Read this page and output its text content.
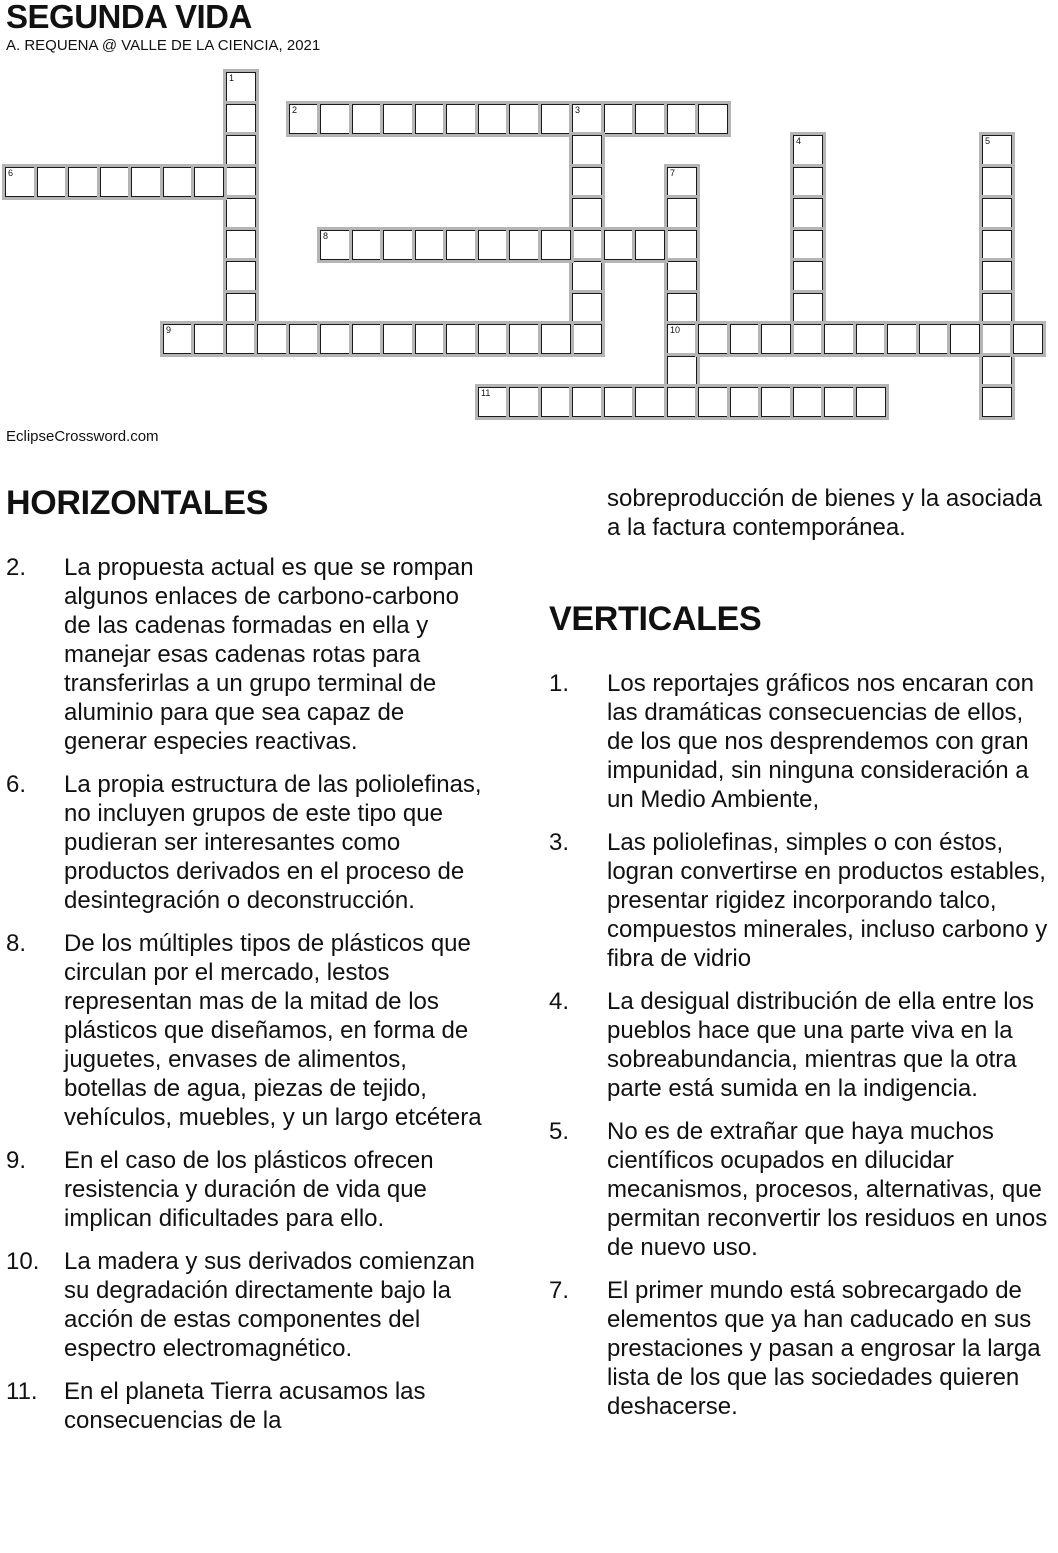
SEGUNDA VIDA
A. REQUENA @ VALLE DE LA CIENCIA, 2021
1
2	3
4	5
6	7
10
8
9
11
EclipseCrossword.com
HORIZONTALES
2.	La propuesta actual es que se rompan algunos enlaces de carbono-carbono de las cadenas formadas en ella y manejar esas cadenas rotas para transferirlas a un grupo terminal de aluminio para que sea capaz de generar especies reactivas.
6.	La propia estructura de las poliolefinas, no incluyen grupos de este tipo que pudieran ser interesantes como productos derivados en el proceso de desintegración o deconstrucción.
8.	De los múltiples tipos de plásticos que circulan por el mercado, lestos representan mas de la mitad de los plásticos que diseñamos, en forma de juguetes, envases de alimentos, botellas de agua, piezas de tejido, vehículos, muebles, y un largo etcétera
9.	En el caso de los plásticos ofrecen resistencia y duración de vida que implican dificultades para ello.
10.	La madera y sus derivados comienzan su degradación directamente bajo la acción de estas componentes del espectro electromagnético.
11.	En el planeta Tierra acusamos las consecuencias de la
sobreproducción de bienes y la asociada a la factura contemporánea.
VERTICALES
1.	Los reportajes gráficos nos encaran con las dramáticas consecuencias de ellos, de los que nos desprendemos con gran impunidad, sin ninguna consideración a un Medio Ambiente,
3.	Las poliolefinas, simples o con éstos, logran convertirse en productos estables, presentar rigidez incorporando talco, compuestos minerales, incluso carbono y fibra de vidrio
4.	La desigual distribución de ella entre los pueblos hace que una parte viva en la sobreabundancia, mientras que la otra parte está sumida en la indigencia.
5.	No es de extrañar que haya muchos científicos ocupados en dilucidar mecanismos, procesos, alternativas, que permitan reconvertir los residuos en unos de nuevo uso.
7.	El primer mundo está sobrecargado de elementos que ya han caducado en sus prestaciones y pasan a engrosar la larga lista de los que las sociedades quieren deshacerse.
